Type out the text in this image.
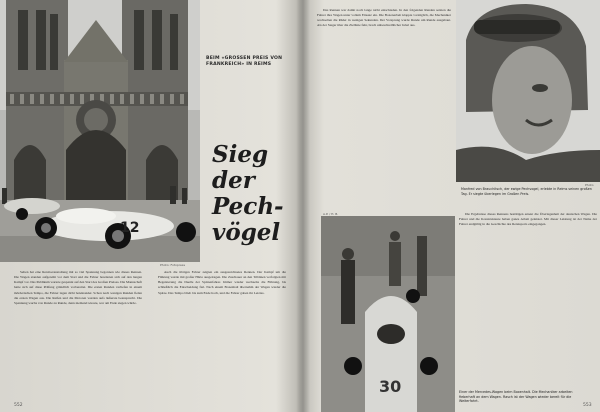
12
Photo: Fotopress
BEIM «GROSSEN PREIS VON FRANKREICH» IN REIMS
Sieg
der
Pech-
vögel

Selten hat eine Rennveranstaltung mit so viel Spannung begonnen wie dieses Rennen. Die Wagen standen aufgereiht vor dem Start und die Fahrer bereiteten sich auf den langen Kampf vor. Das Publikum wartete gespannt auf den Start des Großen Preises. Die Mannschaft hatte sich auf diese Prüfung gründlich vorbereitet. Die ersten Runden verliefen in einem mörderischen Tempo, die Fahrer lagen dicht beieinander. Schon nach wenigen Runden fielen die ersten Wagen aus. Die Reifen und die Motoren wurden aufs äußerste beansprucht. Die Spannung wuchs von Runde zu Runde, denn niemand wusste, wer am Ende siegen würde.

Auch die übrigen Fahrer zeigten ein ausgezeichnetes Rennen. Der Kampf um die Führung wurde mit großer Härte ausgetragen. Die Zuschauer an den Tribünen verfolgten mit Begeisterung die Duelle der Spitzenfahrer. Immer wieder wechselte die Führung, bis schließlich die Entscheidung fiel. Nach einem Boxenhalt übernahm der Wagen wieder die Spitze. Das Tempo blieb bis zum Ende hoch, und die Fahrer gaben ihr Letztes.

552

Das Rennen war damit noch lange nicht entschieden. In den folgenden Runden setzten die Fahrer ihre Wagen unter vollem Einsatz ein. Die Boxenarbeit klappte vorzüglich, die Mechaniker wechselten die Räder in wenigen Sekunden. Der Vorsprung wurde Runde um Runde ausgebaut. Als der Sieger über die Ziellinie fuhr, brach unbeschreiblicher Jubel aus.

Photo
Manfred von Brauchitsch, der ewige Pechvogel, erlebte in Reims seinen großen Tag. Er siegte überlegen im Großen Preis.

Die Ergebnisse dieses Rennens bestätigen erneut die Überlegenheit der deutschen Wagen. Die Fahrer und die Konstrukteure haben ganze Arbeit geleistet. Mit dieser Leistung ist der Name der Fahrer endgültig in die Geschichte des Rennsports eingegangen.

30
A.P. / H. B.
Einer der Mercedes-Wagen beim Boxenhalt. Die Mechaniker arbeiten fieberhaft an dem Wagen. Rasch ist der Wagen wieder bereit für die Weiterfahrt.
553
